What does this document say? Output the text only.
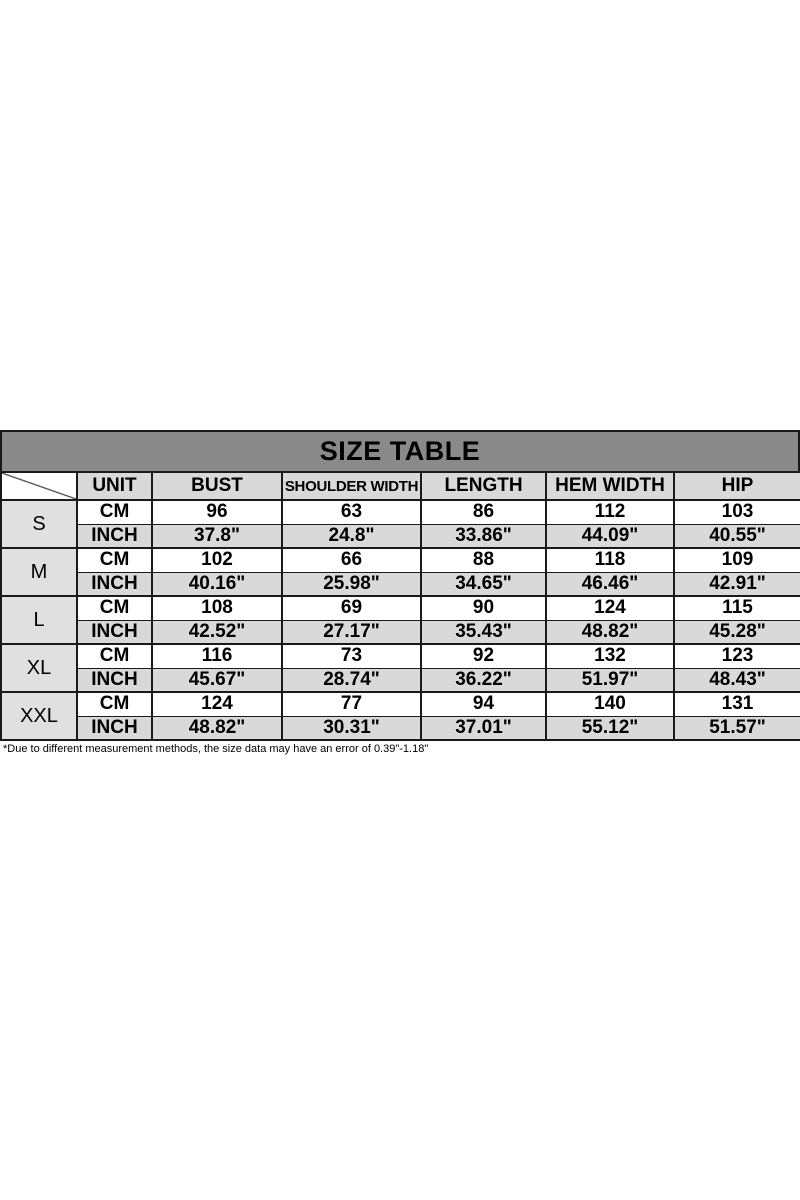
SIZE TABLE
	UNIT	BUST	SHOULDER WIDTH	LENGTH	HEM WIDTH	HIP
S	CM	96	63	86	112	103
	INCH	37.8"	24.8"	33.86"	44.09"	40.55"
M	CM	102	66	88	118	109
	INCH	40.16"	25.98"	34.65"	46.46"	42.91"
L	CM	108	69	90	124	115
	INCH	42.52"	27.17"	35.43"	48.82"	45.28"
XL	CM	116	73	92	132	123
	INCH	45.67"	28.74"	36.22"	51.97"	48.43"
XXL	CM	124	77	94	140	131
	INCH	48.82"	30.31"	37.01"	55.12"	51.57"
*Due to different measurement methods, the size data may have an error of 0.39"-1.18"
